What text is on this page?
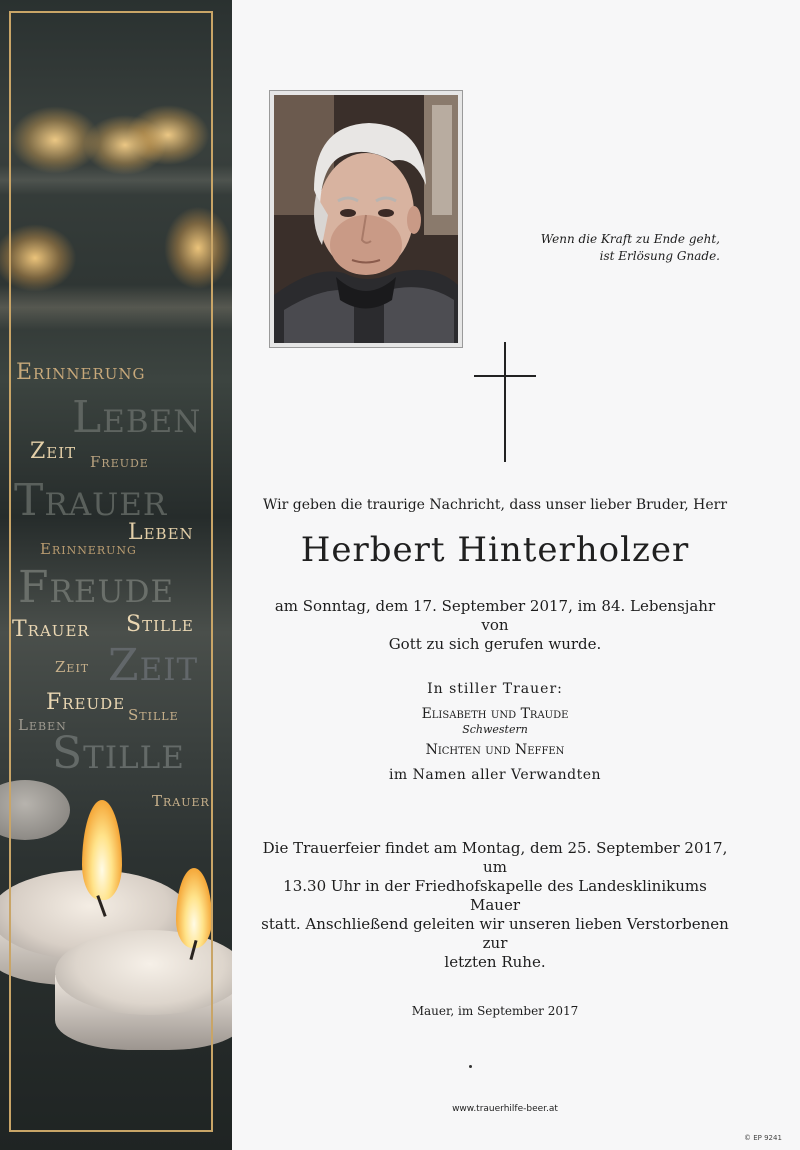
Erinnerung
Leben
Zeit Freude
Trauer
Leben
Erinnerung
Freude
Trauer Stille
Zeit
Zeit
Freude Stille
Leben
Stille
Trauer
Wenn die Kraft zu Ende geht,
ist Erlösung Gnade.
Wir geben die traurige Nachricht, dass unser lieber Bruder, Herr
Herbert Hinterholzer
am Sonntag, dem 17. September 2017, im 84. Lebensjahr von
Gott zu sich gerufen wurde.
In stiller Trauer:
Elisabeth und Traude
Schwestern
Nichten und Neffen
im Namen aller Verwandten
Die Trauerfeier findet am Montag, dem 25. September 2017, um
13.30 Uhr in der Friedhofskapelle des Landesklinikums Mauer
statt. Anschließend geleiten wir unseren lieben Verstorbenen zur
letzten Ruhe.
Mauer, im September 2017
www.trauerhilfe-beer.at
© EP 9241
